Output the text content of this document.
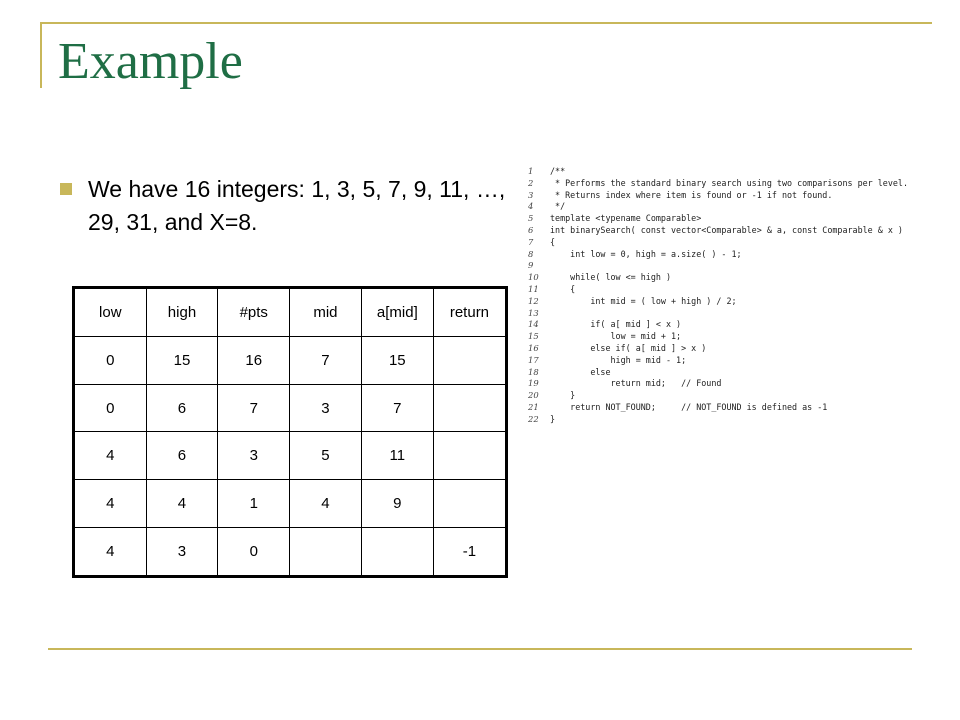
Example
We have 16 integers: 1, 3, 5, 7, 9, 11, …, 29, 31, and X=8.
low	high	#pts	mid	a[mid]	return
0	15	16	7	15	
0	6	7	3	7	
4	6	3	5	11	
4	4	1	4	9	
4	3	0			-1
1 /**
2 * Performs the standard binary search using two comparisons per level.
3 * Returns index where item is found or -1 if not found.
4 */
5 template <typename Comparable>
6 int binarySearch( const vector<Comparable> & a, const Comparable & x )
7 {
8    int low = 0, high = a.size( ) - 1;
9
10    while( low <= high )
11    {
12        int mid = ( low + high ) / 2;
13
14        if( a[ mid ] < x )
15            low = mid + 1;
16        else if( a[ mid ] > x )
17            high = mid - 1;
18        else
19            return mid;   // Found
20    }
21    return NOT_FOUND;     // NOT_FOUND is defined as -1
22 }
